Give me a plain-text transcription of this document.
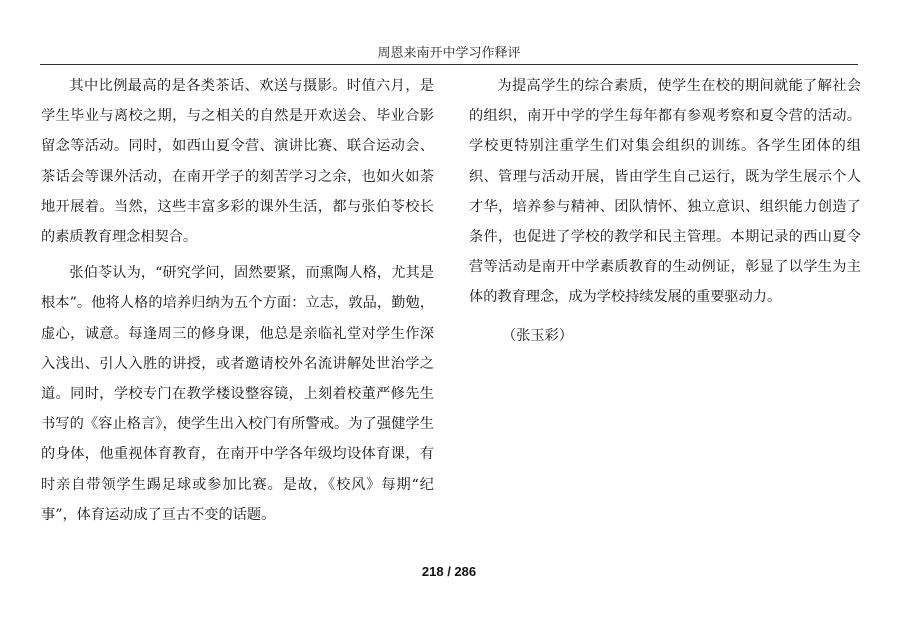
周恩来南开中学习作释评

其中比例最高的是各类茶话、欢送与摄影。时值六月，是学生毕业与离校之期，与之相关的自然是开欢送会、毕业合影留念等活动。同时，如西山夏令营、演讲比赛、联合运动会、茶话会等课外活动，在南开学子的刻苦学习之余，也如火如荼地开展着。当然，这些丰富多彩的课外生活，都与张伯苓校长的素质教育理念相契合。

张伯苓认为，“研究学问，固然要紧，而熏陶人格，尤其是根本”。他将人格的培养归纳为五个方面：立志，敦品，勤勉，虚心，诚意。每逢周三的修身课，他总是亲临礼堂对学生作深入浅出、引人入胜的讲授，或者邀请校外名流讲解处世治学之道。同时，学校专门在教学楼设整容镜，上刻着校董严修先生书写的《容止格言》，使学生出入校门有所警戒。为了强健学生的身体，他重视体育教育，在南开中学各年级均设体育课，有时亲自带领学生踢足球或参加比赛。是故，《校风》每期“纪事”，体育运动成了亘古不变的话题。

为提高学生的综合素质，使学生在校的期间就能了解社会的组织，南开中学的学生每年都有参观考察和夏令营的活动。学校更特别注重学生们对集会组织的训练。各学生团体的组织、管理与活动开展，皆由学生自己运行，既为学生展示个人才华，培养参与精神、团队情怀、独立意识、组织能力创造了条件，也促进了学校的教学和民主管理。本期记录的西山夏令营等活动是南开中学素质教育的生动例证，彰显了以学生为主体的教育理念，成为学校持续发展的重要驱动力。

（张玉彩）

218 / 286
